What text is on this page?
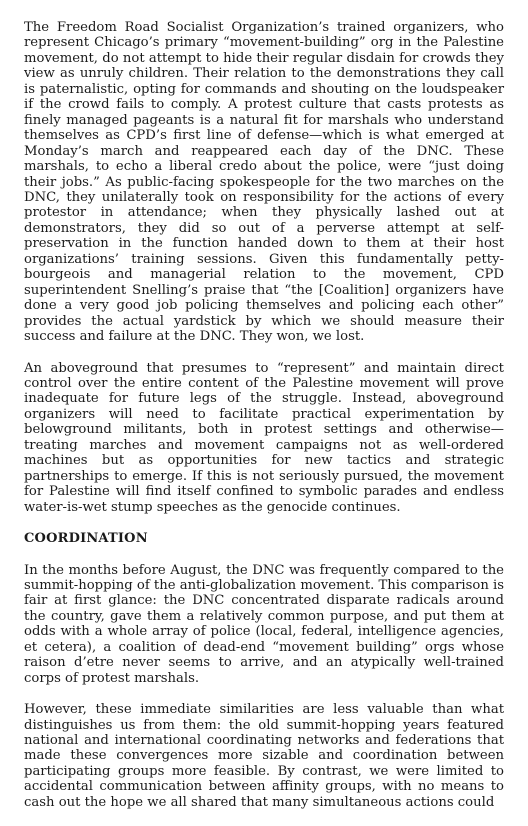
The Freedom Road Socialist Organization’s trained organizers, who represent Chicago’s primary “movement-building” org in the Palestine movement, do not attempt to hide their regular disdain for crowds they view as unruly children. Their relation to the demonstrations they call is paternalistic, opting for commands and shouting on the loudspeaker if the crowd fails to comply. A protest culture that casts protests as finely managed pageants is a natural fit for marshals who understand themselves as CPD’s first line of defense—which is what emerged at Monday’s march and reappeared each day of the DNC. These marshals, to echo a liberal credo about the police, were “just doing their jobs.” As public-facing spokespeople for the two marches on the DNC, they unilaterally took on responsibility for the actions of every protestor in attendance; when they physically lashed out at demonstrators, they did so out of a perverse attempt at self-preservation in the function handed down to them at their host organizations’ training sessions. Given this fundamentally petty-bourgeois and managerial relation to the movement, CPD superintendent Snelling’s praise that “the [Coalition] organizers have done a very good job policing themselves and policing each other” provides the actual yardstick by which we should measure their success and failure at the DNC. They won, we lost.

An aboveground that presumes to “represent” and maintain direct control over the entire content of the Palestine movement will prove inadequate for future legs of the struggle. Instead, aboveground organizers will need to facilitate practical experimentation by belowground militants, both in protest settings and otherwise—treating marches and movement campaigns not as well-ordered machines but as opportunities for new tactics and strategic partnerships to emerge. If this is not seriously pursued, the movement for Palestine will find itself confined to symbolic parades and endless water-is-wet stump speeches as the genocide continues.

COORDINATION

In the months before August, the DNC was frequently compared to the summit-hopping of the anti-globalization movement. This comparison is fair at first glance: the DNC concentrated disparate radicals around the country, gave them a relatively common purpose, and put them at odds with a whole array of police (local, federal, intelligence agencies, et cetera), a coalition of dead-end “movement building” orgs whose raison d’etre never seems to arrive, and an atypically well-trained corps of protest marshals.

However, these immediate similarities are less valuable than what distinguishes us from them: the old summit-hopping years featured national and international coordinating networks and federations that made these convergences more sizable and coordination between participating groups more feasible. By contrast, we were limited to accidental communication between affinity groups, with no means to cash out the hope we all shared that many simultaneous actions could
